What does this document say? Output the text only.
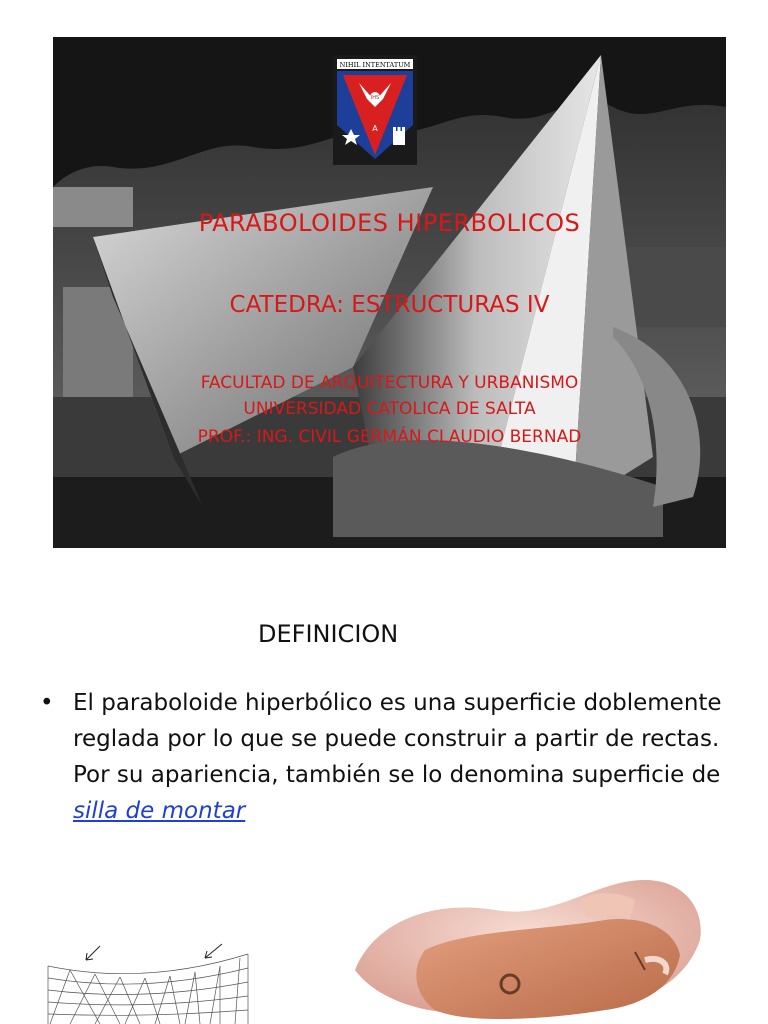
NIHIL INTENTATUM
IHS
A
PARABOLOIDES HIPERBOLICOS
CATEDRA: ESTRUCTURAS IV
FACULTAD DE ARQUITECTURA Y URBANISMO
UNIVERSIDAD CATOLICA DE SALTA
PROF.: ING. CIVIL GERMÁN CLAUDIO BERNAD
DEFINICION
• El paraboloide hiperbólico es una superficie doblemente reglada por lo que se puede construir a partir de rectas. Por su apariencia, también se lo denomina superficie de silla de montar
